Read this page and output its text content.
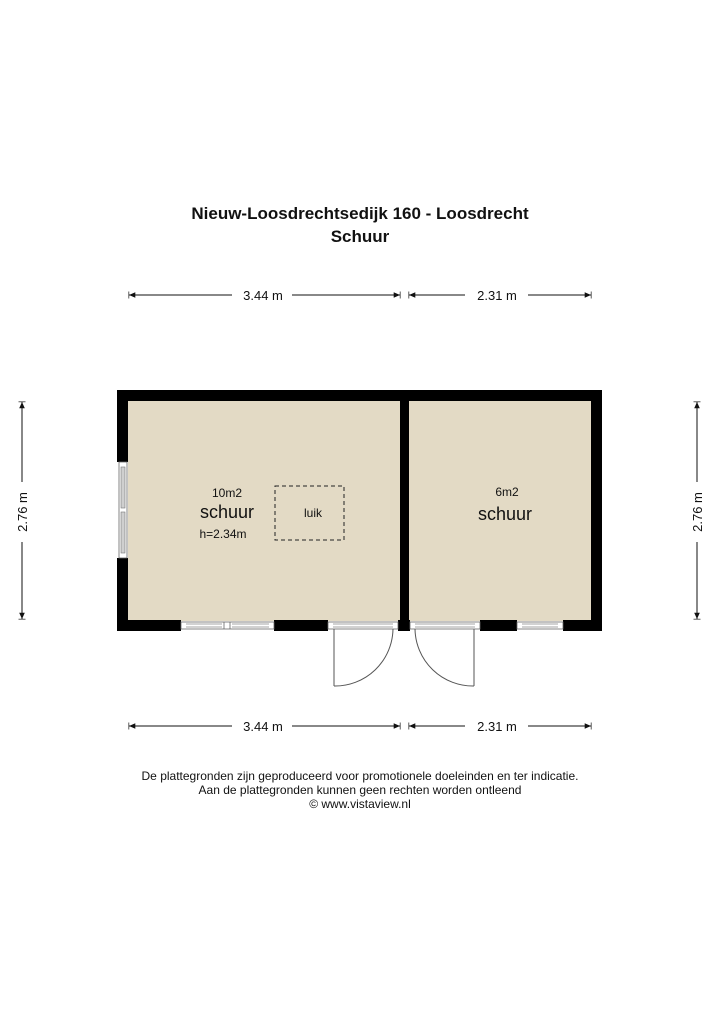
Nieuw-Loosdrechtsedijk 160 - Loosdrecht
Schuur
3.44 m	2.31 m
2.76 m	2.76 m
luik
10m2
schuur
h=2.34m
6m2
schuur
3.44 m	2.31 m
De plattegronden zijn geproduceerd voor promotionele doeleinden en ter indicatie.
Aan de plattegronden kunnen geen rechten worden ontleend
© www.vistaview.nl
